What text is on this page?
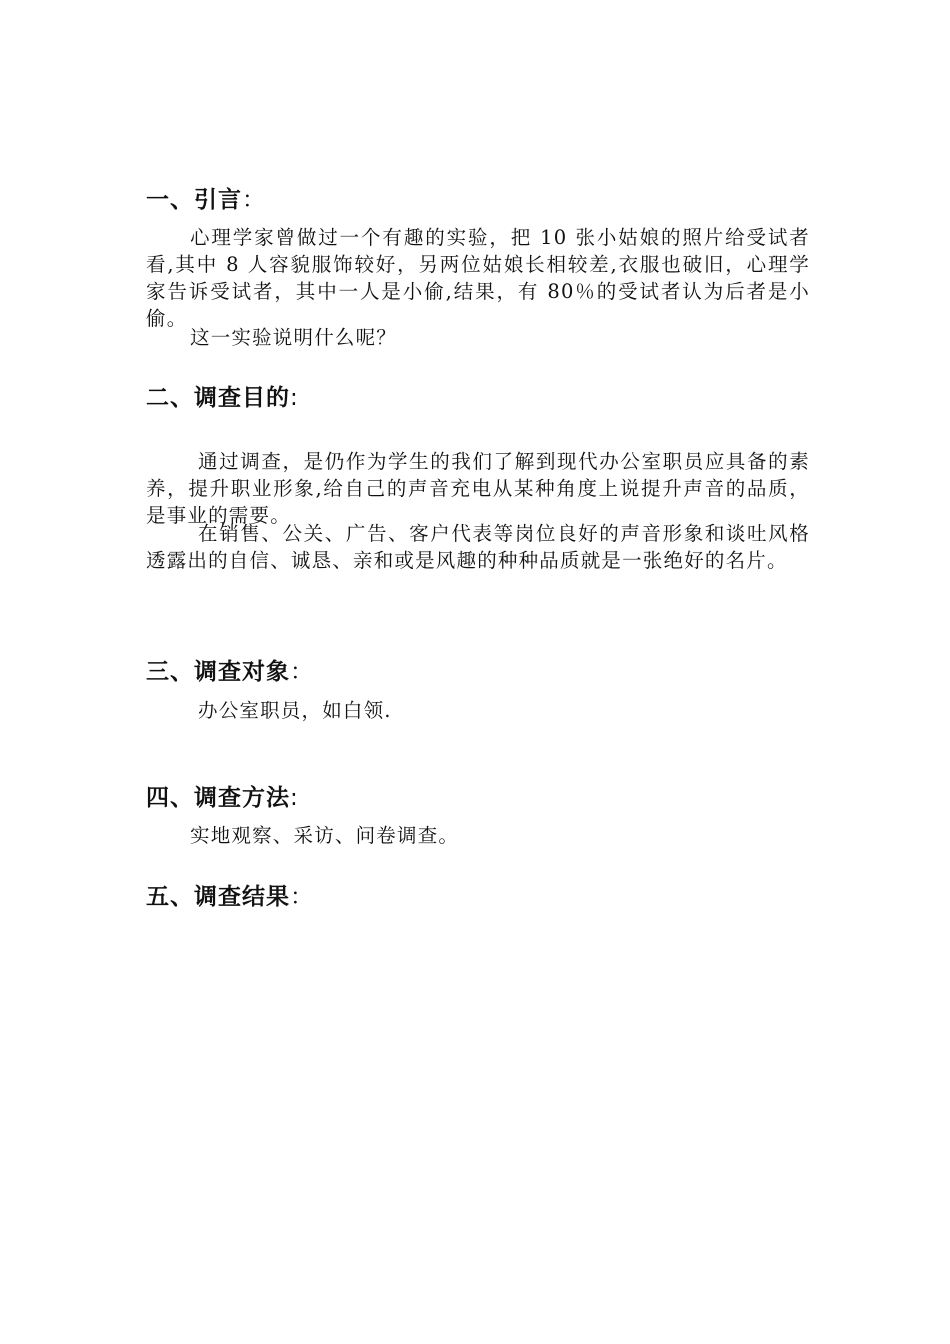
一、引言：

心理学家曾做过一个有趣的实验，把 10 张小姑娘的照片给受试者看,其中 8 人容貌服饰较好，另两位姑娘长相较差,衣服也破旧，心理学家告诉受试者，其中一人是小偷,结果，有 80％的受试者认为后者是小偷。

这一实验说明什么呢？
二、调查目的:

通过调查，是仍作为学生的我们了解到现代办公室职员应具备的素养，提升职业形象,给自己的声音充电从某种角度上说提升声音的品质，是事业的需要。

在销售、公关、广告、客户代表等岗位良好的声音形象和谈吐风格透露出的自信、诚恳、亲和或是风趣的种种品质就是一张绝好的名片。

三、调查对象：
办公室职员，如白领.
四、调查方法:
实地观察、采访、问卷调查。
五、调查结果：
